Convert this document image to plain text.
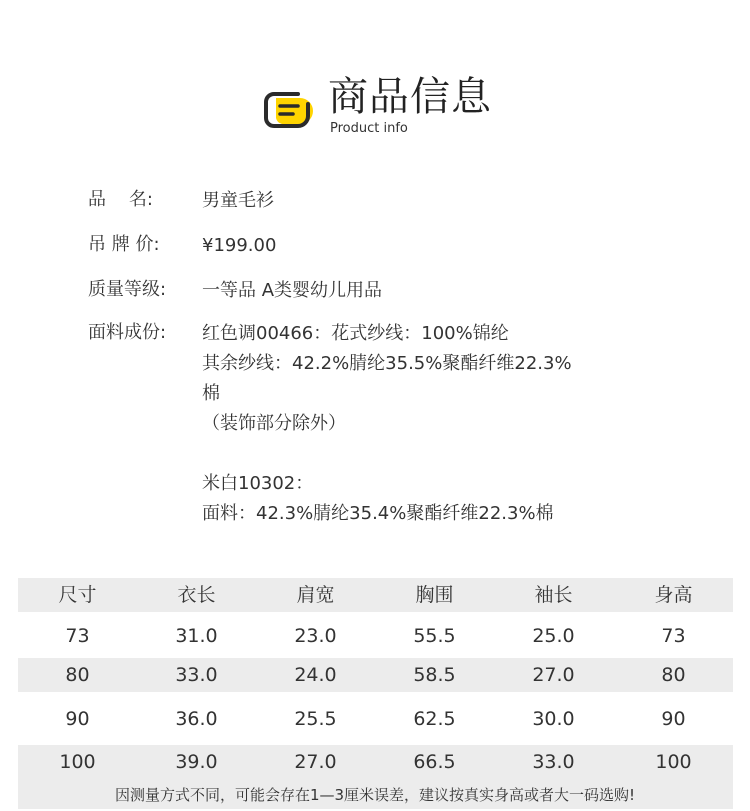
商品信息
Product info
品    名:	男童毛衫
吊 牌 价:	¥199.00
质量等级:	一等品 A类婴幼儿用品
面料成份:	红色调00466：花式纱线：100%锦纶
其余纱线：42.2%腈纶35.5%聚酯纤维22.3%
棉
（装饰部分除外）

米白10302：
面料：42.3%腈纶35.4%聚酯纤维22.3%棉
尺寸	衣长	肩宽	胸围	袖长	身高
73	31.0	23.0	55.5	25.0	73
80	33.0	24.0	58.5	27.0	80
90	36.0	25.5	62.5	30.0	90
100	39.0	27.0	66.5	33.0	100
因测量方式不同，可能会存在1—3厘米误差，建议按真实身高或者大一码选购!
